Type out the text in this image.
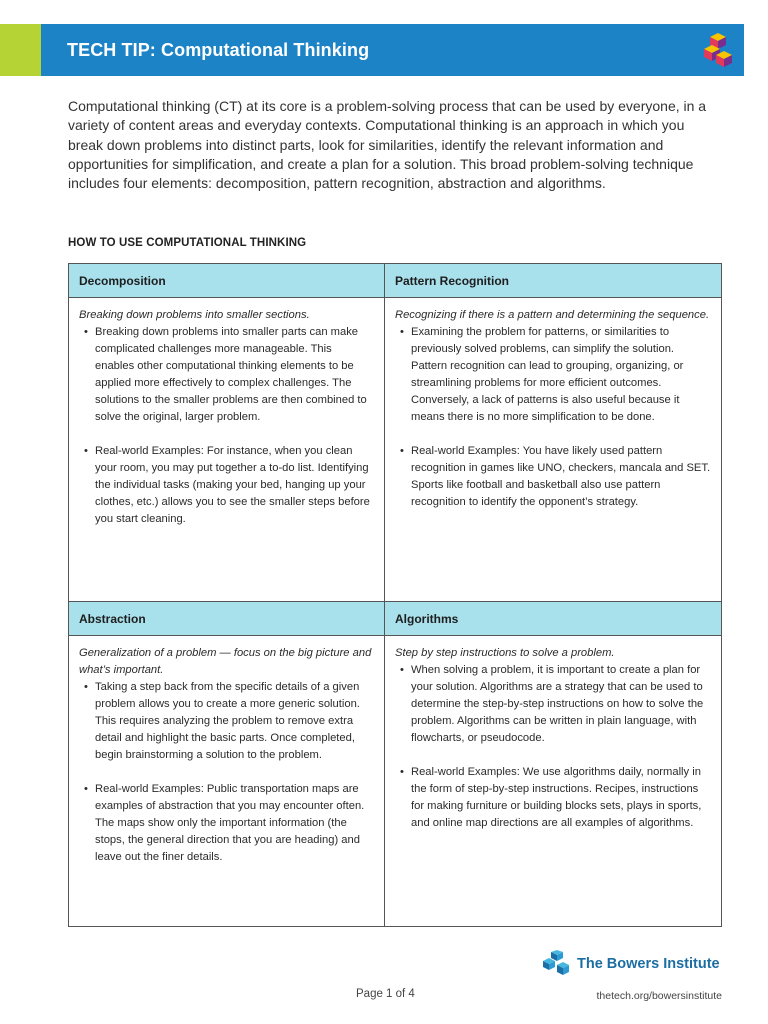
TECH TIP: Computational Thinking
Computational thinking (CT) at its core is a problem-solving process that can be used by everyone, in a variety of content areas and everyday contexts. Computational thinking is an approach in which you break down problems into distinct parts, look for similarities, identify the relevant information and opportunities for simplification, and create a plan for a solution. This broad problem-solving technique includes four elements: decomposition, pattern recognition, abstraction and algorithms.
HOW TO USE COMPUTATIONAL THINKING
Decomposition
Breaking down problems into smaller sections.
• Breaking down problems into smaller parts can make complicated challenges more manageable. This enables other computational thinking elements to be applied more effectively to complex challenges. The solutions to the smaller problems are then combined to solve the original, larger problem.
• Real-world Examples: For instance, when you clean your room, you may put together a to-do list. Identifying the individual tasks (making your bed, hanging up your clothes, etc.) allows you to see the smaller steps before you start cleaning.
Pattern Recognition
Recognizing if there is a pattern and determining the sequence.
• Examining the problem for patterns, or similarities to previously solved problems, can simplify the solution. Pattern recognition can lead to grouping, organizing, or streamlining problems for more efficient outcomes. Conversely, a lack of patterns is also useful because it means there is no more simplification to be done.
• Real-world Examples: You have likely used pattern recognition in games like UNO, checkers, mancala and SET. Sports like football and basketball also use pattern recognition to identify the opponent’s strategy.
Abstraction
Generalization of a problem — focus on the big picture and what’s important.
• Taking a step back from the specific details of a given problem allows you to create a more generic solution. This requires analyzing the problem to remove extra detail and highlight the basic parts. Once completed, begin brainstorming a solution to the problem.
• Real-world Examples: Public transportation maps are examples of abstraction that you may encounter often. The maps show only the important information (the stops, the general direction that you are heading) and leave out the finer details.
Algorithms
Step by step instructions to solve a problem.
• When solving a problem, it is important to create a plan for your solution. Algorithms are a strategy that can be used to determine the step-by-step instructions on how to solve the problem. Algorithms can be written in plain language, with flowcharts, or pseudocode.
• Real-world Examples: We use algorithms daily, normally in the form of step-by-step instructions. Recipes, instructions for making furniture or building blocks sets, plays in sports, and online map directions are all examples of algorithms.
The Bowers Institute
Page 1 of 4	thetech.org/bowersinstitute
